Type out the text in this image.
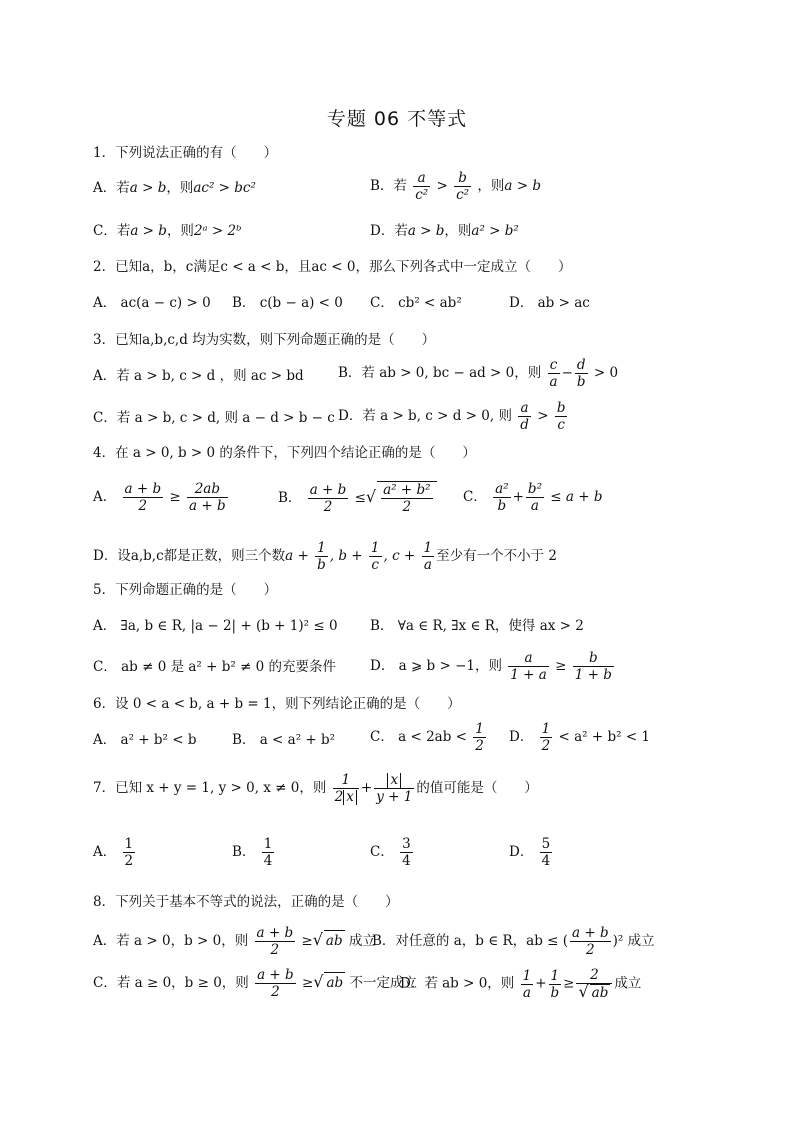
专题 06 不等式
1．下列说法正确的有（　　）
A．若a > b，则ac² > bc²	B．若 $\frac{a}{\text{c²}} > \frac{b}{\text{c²}}$ ，则a > b
C．若a > b，则2ᵃ > 2ᵇ	D．若a > b，则a² > b²
2．已知a，b，c满足c < a < b，且ac < 0，那么下列各式中一定成立（　　）
A． ac(a − c) > 0 B． c(b − a) < 0 C． cb² < ab²	D． ab > ac
3．已知a,b,c,d 均为实数，则下列命题正确的是（　　）
A．若 a > b, c > d ，则 ac > bd	B．若 ab > 0, bc − ad > 0，则 $\frac{c}{a} - \frac{d}{b} > 0$
C．若 a > b, c > d, 则 a − d > b − c D．若 a > b, c > d > 0, 则 $\frac{a}{d} > \frac{b}{c}$
4．在 a > 0, b > 0 的条件下，下列四个结论正确的是（　　）
A． $\frac{a + b}{2} \ge \frac{2ab}{a + b}$	B． $\frac{a + b}{2}$ ≤√ $\frac{\text{a² + b²}}{2}$ C． $\frac{\text{a²}}{b} + \frac{\text{b²}}{a} \le a + b$
D．设a,b,c都是正数，则三个数$a + \frac{1}{b}$ , $b + \frac{1}{c}$ , $c + \frac{1}{a}$ 至少有一个不小于 2
5．下列命题正确的是（　　）
A． ∃a, b ∈ R, |a − 2| + (b + 1)² ≤ 0 B． ∀a ∈ R, ∃x ∈ R，使得 ax > 2
C． ab ≠ 0 是 a² + b² ≠ 0 的充要条件	D． a ⩾ b > −1，则 $\frac{a}{1 + a} \ge \frac{b}{1 + b}$
6．设 0 < a < b, a + b = 1，则下列结论正确的是（　　）
A． a² + b² < b	B． a < a² + b²	C． $a < 2ab < \frac{1}{2}$ D． $\frac{1}{2} < a^2 + b^2 < 1$
7．已知 x + y = 1, y > 0, x ≠ 0，则 $\frac{1}{2 x} + \frac{x}{y + 1}$ 的值可能是（　　）
A． $\frac{1}{2}$	B． $\frac{1}{4}$	C． $\frac{3}{4}$	D． $\frac{5}{4}$
8．下列关于基本不等式的说法，正确的是（　　）
A．若 a > 0，b > 0，则 $\frac{a + b}{2}$ ≥√ ab 成立
B．对任意的 a，b ∈ R，ab ≤ ( $\frac{a + b}{2} )^2$ 成立
C．若 a ≥ 0，b ≥ 0，则 $\frac{a + b}{2}$ ≥√ ab 不一定成立
D．若 ab > 0，则 $\frac{1}{a} + \frac{1}{b} \ge \frac{2}{√ ab}$ 成立
